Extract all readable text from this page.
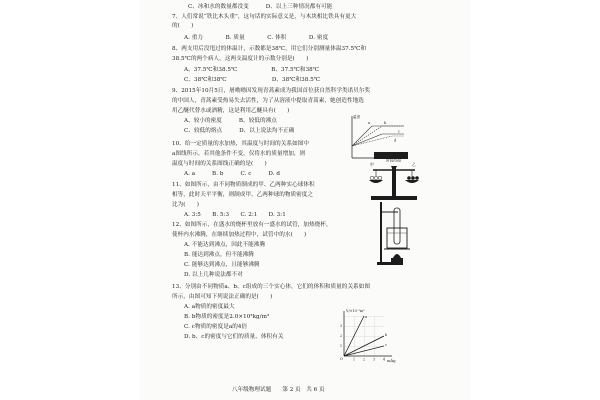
C、冰和水的数量都没变　　　D、以上三种情况都有可能
7、人们常说“铁比木头重”，这句话的实际意义是，与木块相比铁具有更大
的(　　)
A. 重力　　　　B. 质量　　　　C. 体积　　　　D. 密度
8、两支用后没甩过的体温计，示数都是38℃，用它们分别测量体温37.5℃和
38.5℃的两个病人，这两支温度计的示数分别是(　　)
A、37.5℃和38.5℃　　　　　　B、37.5℃和38℃
C、38℃和38℃　　　　　　　　D、38℃和38.5℃
9、2015年10月5日，屠呦呦因发现青蒿素成为我国首位获自然科学类诺贝尔奖
的中国人，青蒿素受热易失去活性，为了从溶液中提取青蒿素，她创造性地选
用乙醚代替水或酒精，这是利用乙醚具有(　　)
A、较小的密度　　　B、较低的沸点
C、较低的熔点　　　D、以上说法均不正确
温度
时间/min
a	b
c
d
10、给一定质量的水加热，其温度与时间的关系如图中
a图线所示，若其他条件不变，仅将水的质量增加，则
温度与时间的关系图线正确的是(　　)
A. a　　　B. b　　　C. c　　　D. d
甲	乙
11、如图所示，由不同物质制成的甲、乙两种实心球体积
相等，此时天平平衡，则制成甲、乙两种球的物质密度之
比为(　　)
A. 3:5　　B. 5:3　　C. 2:1　　D. 3:1
12、如图所示，在盛水的烧杯里放有一盛水的试管，加热烧杯，
使杯内水沸腾，在继续加热过程中，试管中的水(　　)
A. 不能达到沸点，因此不能沸腾
B. 能达到沸点，但不能沸腾
C. 能够达到沸点，且能够沸腾
D. 以上几种说法都不对
13、分别由不同物质a、b、c组成的三个实心体，它们的体积和质量的关系如图
所示，由图可知下列说法正确的是(　　)
A. a物质的密度最大
B. b物质的密度是2.0×10³kg/m³
C. c物质的密度是a的4倍
D. b、c的密度与它们的质量、体积有关
V/×10⁻³m³
m/kg
O
1
2
3
1 2 3 4
a
b
c
八年级物理试题　　第 2 页　共 6 页
